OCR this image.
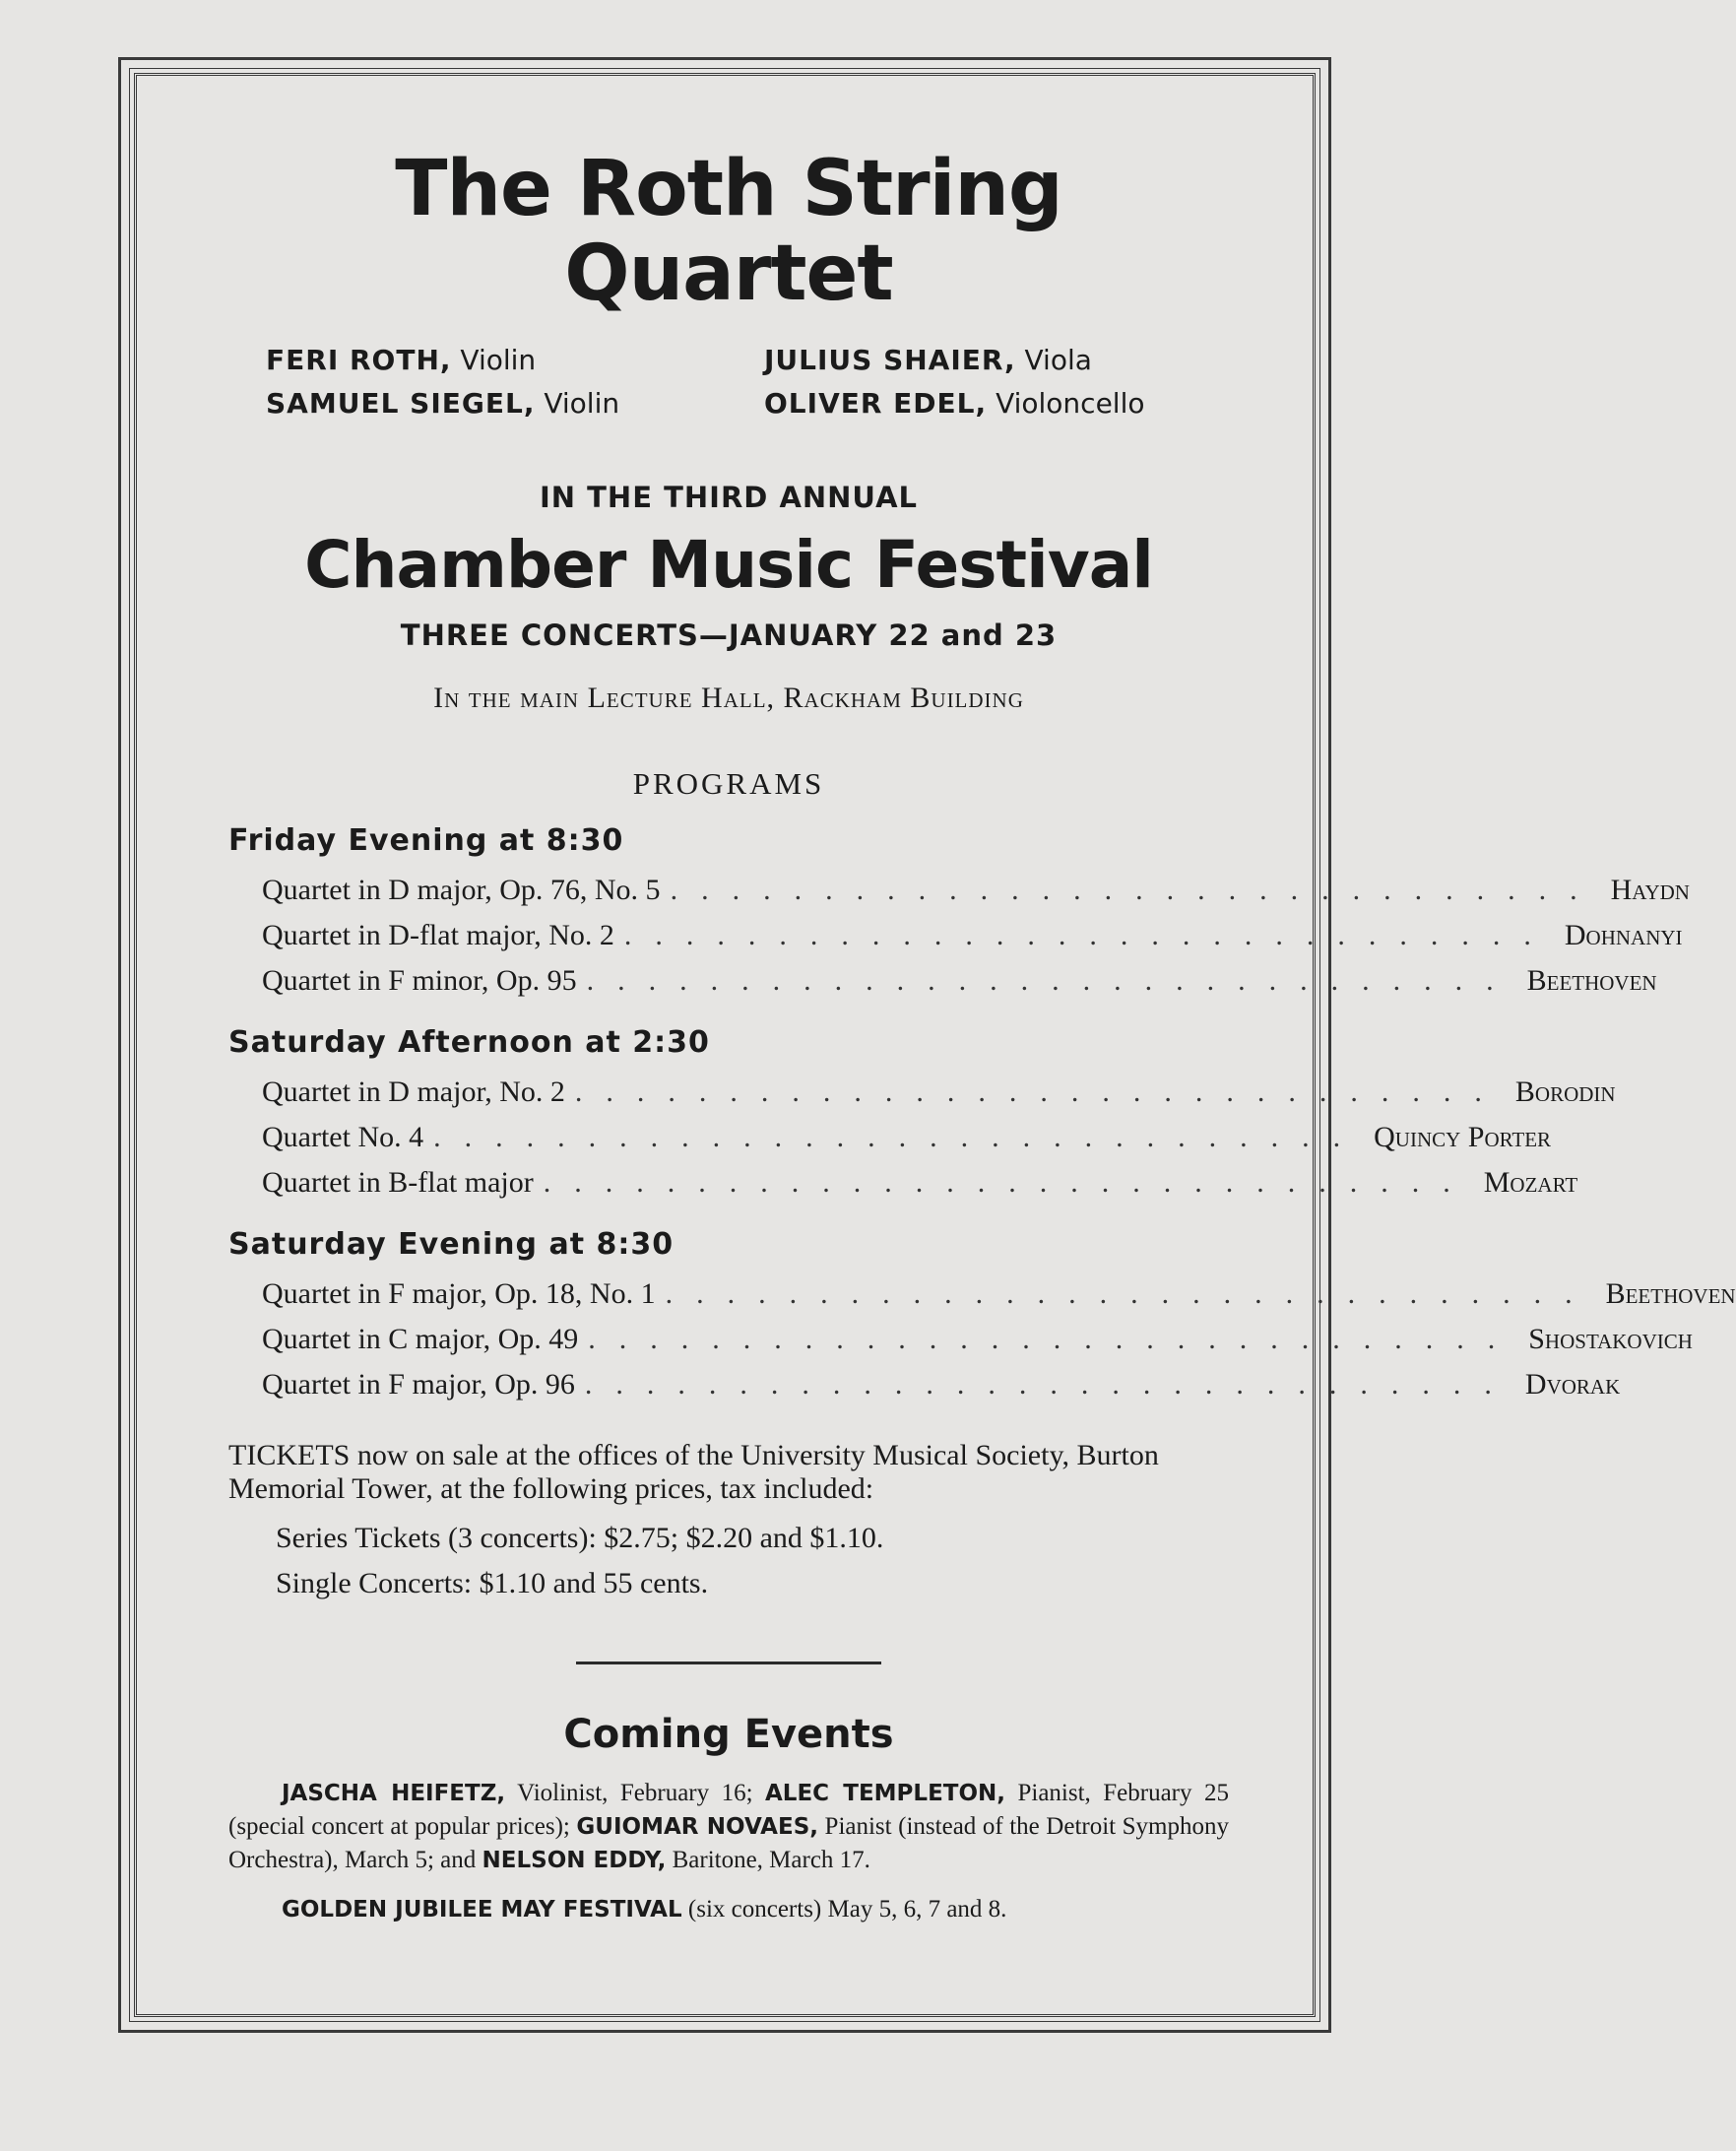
The Roth String Quartet
FERI ROTH, Violin	JULIUS SHAIER, Viola
SAMUEL SIEGEL, Violin	OLIVER EDEL, Violoncello
IN THE THIRD ANNUAL
Chamber Music Festival
THREE CONCERTS—JANUARY 22 and 23
In the main Lecture Hall, Rackham Building
PROGRAMS
Friday Evening at 8:30
Quartet in D major, Op. 76, No. 5 .............................. Haydn
Quartet in D-flat major, No. 2 .............................. Dohnanyi
Quartet in F minor, Op. 95 .............................. Beethoven
Saturday Afternoon at 2:30
Quartet in D major, No. 2 .............................. Borodin
Quartet No. 4 .............................. Quincy Porter
Quartet in B-flat major .............................. Mozart
Saturday Evening at 8:30
Quartet in F major, Op. 18, No. 1 .............................. Beethoven
Quartet in C major, Op. 49 .............................. Shostakovich
Quartet in F major, Op. 96 .............................. Dvorak
TICKETS now on sale at the offices of the University Musical Society, Burton Memorial Tower, at the following prices, tax included:
Series Tickets (3 concerts): $2.75; $2.20 and $1.10.
Single Concerts: $1.10 and 55 cents.
Coming Events
JASCHA HEIFETZ, Violinist, February 16; ALEC TEMPLETON, Pianist, February 25 (special concert at popular prices); GUIOMAR NOVAES, Pianist (instead of the Detroit Symphony Orchestra), March 5; and NELSON EDDY, Baritone, March 17.
GOLDEN JUBILEE MAY FESTIVAL (six concerts) May 5, 6, 7 and 8.
